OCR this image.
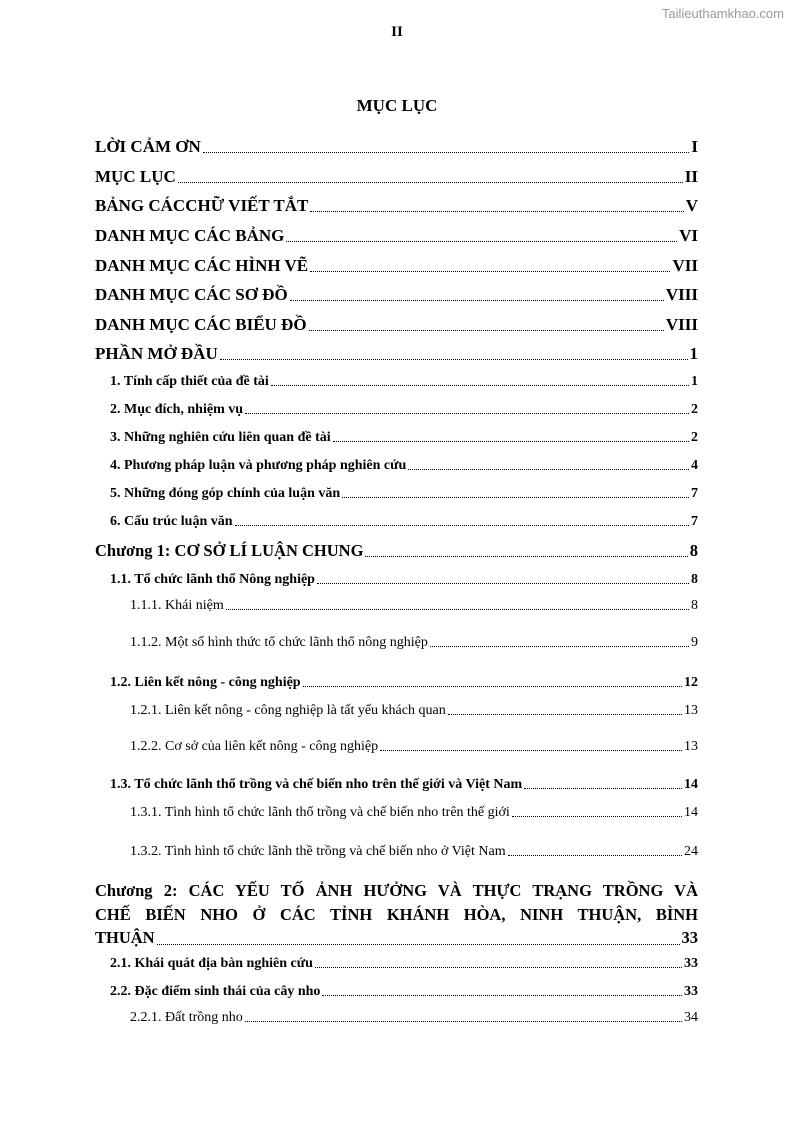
Tailieuthamkhao.com
II
MỤC LỤC
LỜI CẢM ƠN	I
MỤC LỤC	II
BẢNG CÁCCHỮ VIẾT TẮT	V
DANH MỤC CÁC BẢNG	VI
DANH MỤC CÁC HÌNH VẼ	VII
DANH MỤC CÁC SƠ ĐỒ	VIII
DANH MỤC CÁC BIỂU ĐỒ	VIII
PHẦN MỞ ĐẦU	1
1. Tính cấp thiết của đề tài	1
2. Mục đích, nhiệm vụ	2
3. Những nghiên cứu liên quan đề tài	2
4. Phương pháp luận và phương pháp nghiên cứu	4
5. Những đóng góp chính của luận văn	7
6. Cấu trúc luận văn	7
Chương 1: CƠ SỞ LÍ LUẬN CHUNG	8
1.1. Tổ chức lãnh thổ Nông nghiệp	8
1.1.1. Khái niệm	8
1.1.2. Một số hình thức tổ chức lãnh thổ nông nghiệp	9
1.2. Liên kết nông - công nghiệp	12
1.2.1. Liên kết nông - công nghiệp là tất yếu khách quan	13
1.2.2. Cơ sở của liên kết nông - công nghiệp	13
1.3. Tổ chức lãnh thổ trồng và chế biến nho trên thế giới và Việt Nam	14
1.3.1. Tình hình tổ chức lãnh thổ trồng và chế biến nho trên thế giới	14
1.3.2. Tình hình tổ chức lãnh thề trồng và chế biến nho ở Việt Nam	24
Chương 2: CÁC YẾU TỐ ẢNH HƯỞNG VÀ THỰC TRẠNG TRỒNG VÀ
CHẾ BIẾN NHO Ở CÁC TỈNH KHÁNH HÒA, NINH THUẬN, BÌNH
THUẬN	33
2.1. Khái quát địa bàn nghiên cứu	33
2.2. Đặc điểm sinh thái của cây nho	33
2.2.1. Đất trồng nho	34
